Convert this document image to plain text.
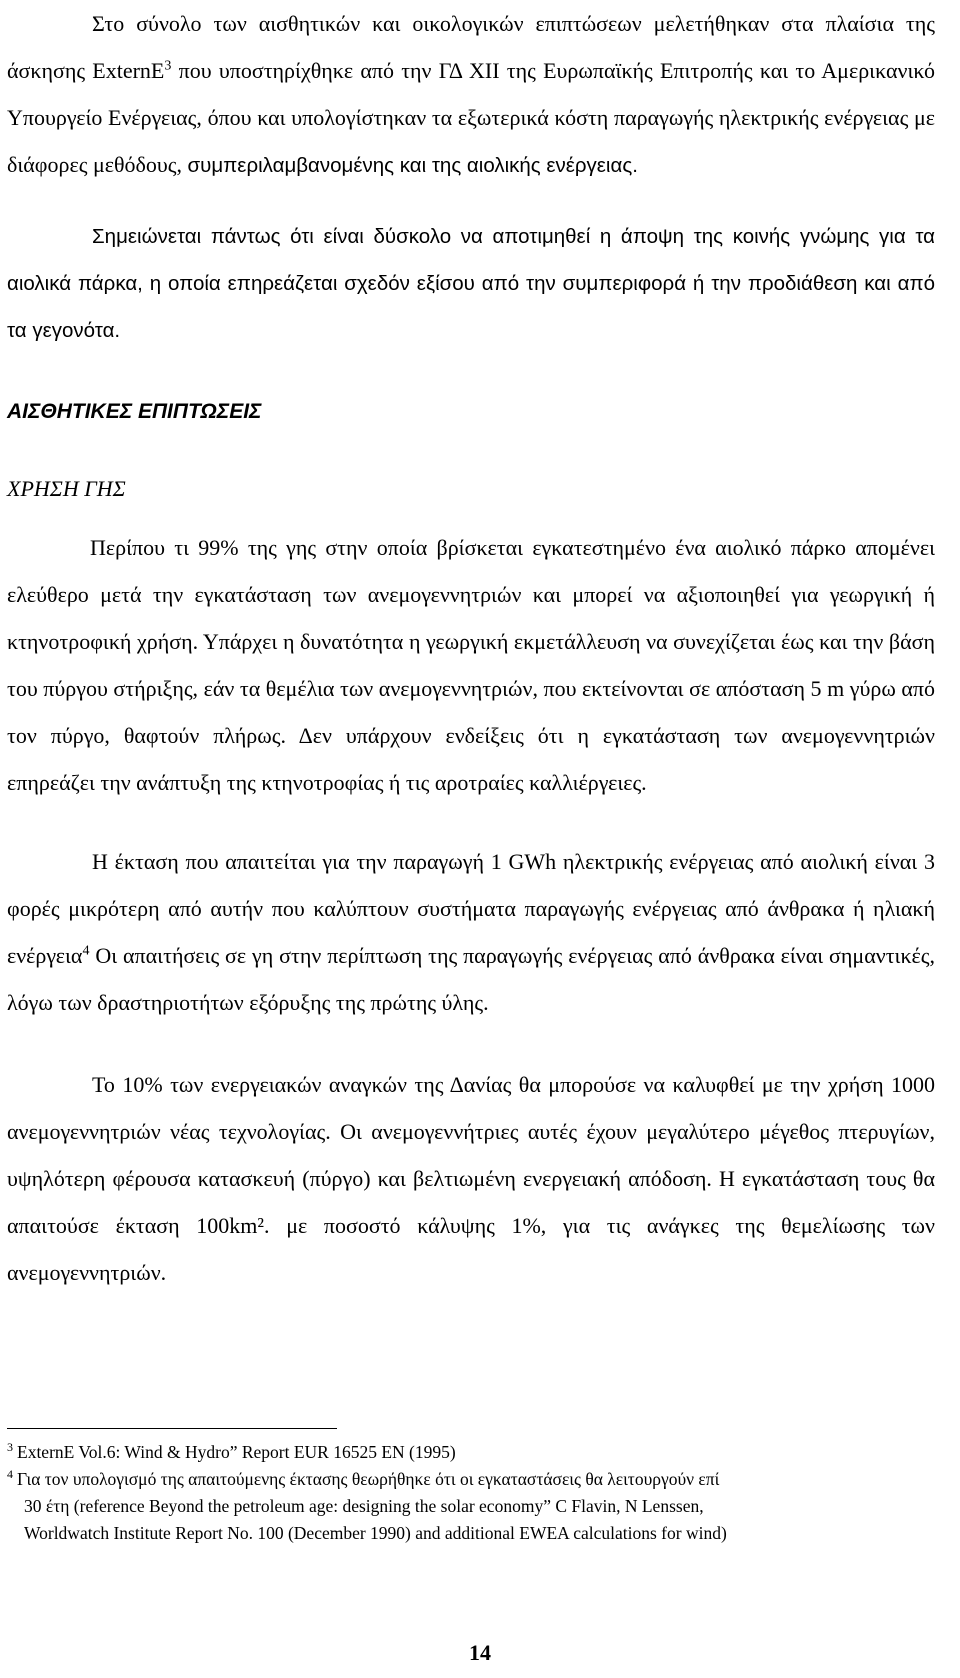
Στο σύνολο των αισθητικών και οικολογικών επιπτώσεων μελετήθηκαν στα πλαίσια της άσκησης ExternE$^3$ που υποστηρίχθηκε από την ΓΔ XII της Ευρωπαϊκής Επιτροπής και το Αμερικανικό Υπουργείο Ενέργειας, όπου και υπολογίστηκαν τα εξωτερικά κόστη παραγωγής ηλεκτρικής ενέργειας με διάφορες μεθόδους, συμπεριλαμβανομένης και της αιολικής ενέργειας.

Σημειώνεται πάντως ότι είναι δύσκολο να αποτιμηθεί η άποψη της κοινής γνώμης για τα αιολικά πάρκα, η οποία επηρεάζεται σχεδόν εξίσου από την συμπεριφορά ή την προδιάθεση και από τα γεγονότα.

ΑΙΣΘΗΤΙΚΕΣ ΕΠΙΠΤΩΣΕΙΣ

ΧΡΗΣΗ ΓΗΣ

Περίπου τι 99% της γης στην οποία βρίσκεται εγκατεστημένο ένα αιολικό πάρκο απομένει ελεύθερο μετά την εγκατάσταση των ανεμογεννητριών και μπορεί να αξιοποιηθεί για γεωργική ή κτηνοτροφική χρήση. Υπάρχει η δυνατότητα η γεωργική εκμετάλλευση να συνεχίζεται έως και την βάση του πύργου στήριξης, εάν τα θεμέλια των ανεμογεννητριών, που εκτείνονται σε απόσταση 5 m γύρω από τον πύργο, θαφτούν πλήρως. Δεν υπάρχουν ενδείξεις ότι η εγκατάσταση των ανεμογεννητριών επηρεάζει την ανάπτυξη της κτηνοτροφίας ή τις αροτραίες καλλιέργειες.

Η έκταση που απαιτείται για την παραγωγή 1 GWh ηλεκτρικής ενέργειας από αιολική είναι 3 φορές μικρότερη από αυτήν που καλύπτουν συστήματα παραγωγής ενέργειας από άνθρακα ή ηλιακή ενέργεια$^4$ Οι απαιτήσεις σε γη στην περίπτωση της παραγωγής ενέργειας από άνθρακα είναι σημαντικές, λόγω των δραστηριοτήτων εξόρυξης της πρώτης ύλης.

Το 10% των ενεργειακών αναγκών της Δανίας θα μπορούσε να καλυφθεί με την χρήση 1000 ανεμογεννητριών νέας τεχνολογίας. Οι ανεμογεννήτριες αυτές έχουν μεγαλύτερο μέγεθος πτερυγίων, υψηλότερη φέρουσα κατασκευή (πύργο) και βελτιωμένη ενεργειακή απόδοση. Η εγκατάσταση τους θα απαιτούσε έκταση 100km². με ποσοστό κάλυψης 1%, για τις ανάγκες της θεμελίωσης των ανεμογεννητριών.

$^3$ ExternE Vol.6: Wind & Hydro” Report EUR 16525 EN (1995)

$^4$ Για τον υπολογισμό της απαιτούμενης έκτασης θεωρήθηκε ότι οι εγκαταστάσεις θα λειτουργούν επί
30 έτη (reference Beyond the petroleum age: designing the solar economy” C Flavin, N Lenssen,
Worldwatch Institute Report No. 100 (December 1990) and additional EWEA calculations for wind)

14
